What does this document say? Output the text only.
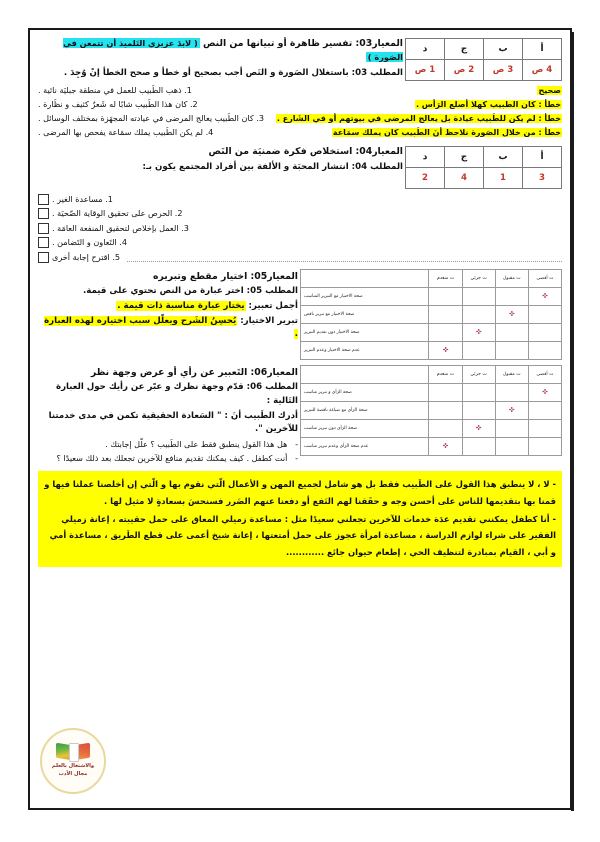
أ	ب	ج	د
4 ص	3 ص	2 ص	1 ص
المعيار03: تفسير ظاهرة أو تبيانها من النص ( لابدَ عزيزي التَلميذ أن تتمعن في الصَورة )
المطلب 03: باستغلال الصَورة و النَص أجب بصحيح أو خطأ و صحح الخطأ إنْ وُجِدَ .
صحيح
1. ذهب الطَبيب للعمل في منطقة جبليَة نائية .
خطأ : كان الطبيب كهلا أصلع الرَأس .
2. كان هذا الطَبيب شابًا له شَعرٌ كثيف و نظَارة .
خطأ : لم يكن للطَبيب عيادة بل يعالج المرضى في بيوتهم أو في الشَارع .
3. كان الطَبيب يعالج المرضى في عيادته المجهَزة بمختلف الوسائل .
خطأ : من خلال الصَورة نلاحظ أنَ الطَبيب كان يملك سمَاعة
4. لم يكن الطَبيب يملك سمَاعة يفحص بها المرضى .
أ	ب	ج	د
3	1	4	2
المعيار04: استخلاص فكرة ضمنيَة من النَص
المطلب 04: انتشار المحبَة و الألفة بين أفراد المجتمع يكون بـ:
1. مساعدة الغير .
2. الحرص على تحقيق الوقاية الصّحيَة .
3. العمل بإخلاص لتحقيق المنفعة العامَة .
4. التَعاون و التَضامن .
5. اقترح إجابة أخرى
ت أقصى	ت مقبول	ت جزئي	ت منعدم	
✜				صحة الاختيار مع التبرير المناسب
	✜			صحة الاختيار مع تبرير ناقص
		✜		صحة الاختيار دون تقديم التبرير
			✜	عدم صحة الاختيار وعدم التبرير
المعيار05: اختيار مقطع وتبريره
المطلب 05: اختر عبارة من النص تحتوي على قيمة.
أجمل تعبير: يختار عبارة مناسبة ذات قيمة .
تبرير الاختيار: يُحسِنُ الشَرح ويعلّل سبب اختياره لهذه العبارة .
ت أقصى	ت مقبول	ت جزئي	ت منعدم	
✜				صحة الرَأي و تبرير مناسب
	✜			صحة الرَأي مع صياغة ناقصة للتبرير
		✜		صحة الرَأي دون تبرير مناسب
			✜	عدم صحة الرَأي وعدم تبرير مناسب
المعيار06: التَعبير عن رأي أو عرض وجهة نظر
المطلب 06: قدّم وجهة نظرك و عبّر عن رأيك حول العبارة التَالية :
أدرك الطَبيب أنَ : " السَعادة الحقيقية تكمن في مدى خدمتنا للآخرين ".
-   هل هذا القول ينطبق فقط على الطَبيب ؟ علّل إجابتك .
-   أنت كطفل . كيف يمكنك تقديم منافع للآخرين تجعلك بعد ذلك سعيدًا ؟
- لا ، لا ينطبق هذا القول على الطَبيب فقط بل هو شامل لجميع المهن و الأعمال الّتي نقوم بها و الّتي إن أخلصنا عملنا فيها و قمنا بها بتقديمها للناس على أحسن وجه و حقَقنا لهم النَفع أو دفعنا عنهم الضَرر فسنحسَ بسعادةٍ لا مثيل لها .
- أنا كطفل يمكنني تقديم عدَة خدمات للآخرين تجعلني سعيدًا مثل : مساعدة زميلي المعاق على حمل حقيبته ، إعانة زميلي الفقير على شراء لوازم الدراسة ، مساعدة امرأة عجوز على حمل أمتعتها ، إعانة شيخ أعمى على قطع الطَريق ، مساعدة أمي و أبي ، القيام بمبادرة لتنظيف الحي ، إطعام حيوان جائع ............
والاشتغال بالعلم
مجال الأدب
